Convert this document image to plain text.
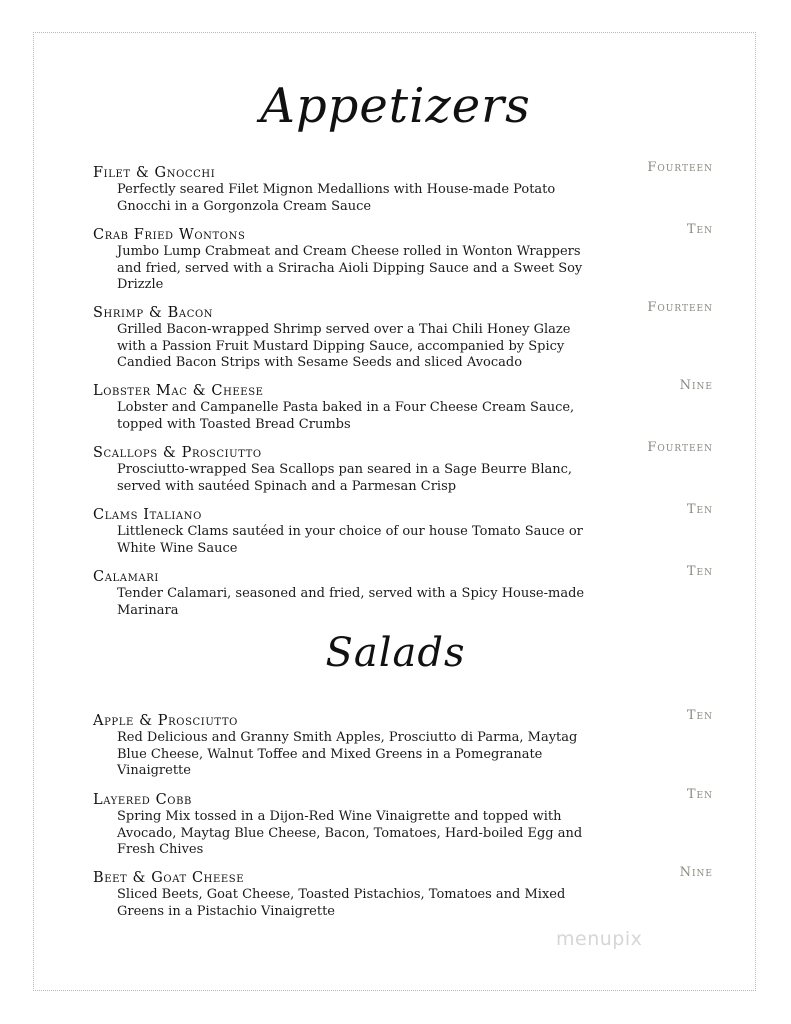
Appetizers
Filet & Gnocchi	Fourteen
Perfectly seared Filet Mignon Medallions with House-made Potato Gnocchi in a Gorgonzola Cream Sauce
Crab Fried Wontons	Ten
Jumbo Lump Crabmeat and Cream Cheese rolled in Wonton Wrappers and fried, served with a Sriracha Aioli Dipping Sauce and a Sweet Soy Drizzle
Shrimp & Bacon	Fourteen
Grilled Bacon-wrapped Shrimp served over a Thai Chili Honey Glaze with a Passion Fruit Mustard Dipping Sauce, accompanied by Spicy Candied Bacon Strips with Sesame Seeds and sliced Avocado
Lobster Mac & Cheese	Nine
Lobster and Campanelle Pasta baked in a Four Cheese Cream Sauce, topped with Toasted Bread Crumbs
Scallops & Prosciutto	Fourteen
Prosciutto-wrapped Sea Scallops pan seared in a Sage Beurre Blanc, served with sautéed Spinach and a Parmesan Crisp
Clams Italiano	Ten
Littleneck Clams sautéed in your choice of our house Tomato Sauce or White Wine Sauce
Calamari	Ten
Tender Calamari, seasoned and fried, served with a Spicy House-made Marinara
Salads
Apple & Prosciutto	Ten
Red Delicious and Granny Smith Apples, Prosciutto di Parma, Maytag Blue Cheese, Walnut Toffee and Mixed Greens in a Pomegranate Vinaigrette
Layered Cobb	Ten
Spring Mix tossed in a Dijon-Red Wine Vinaigrette and topped with Avocado, Maytag Blue Cheese, Bacon, Tomatoes, Hard-boiled Egg and Fresh Chives
Beet & Goat Cheese	Nine
Sliced Beets, Goat Cheese, Toasted Pistachios, Tomatoes and Mixed Greens in a Pistachio Vinaigrette
menupix
